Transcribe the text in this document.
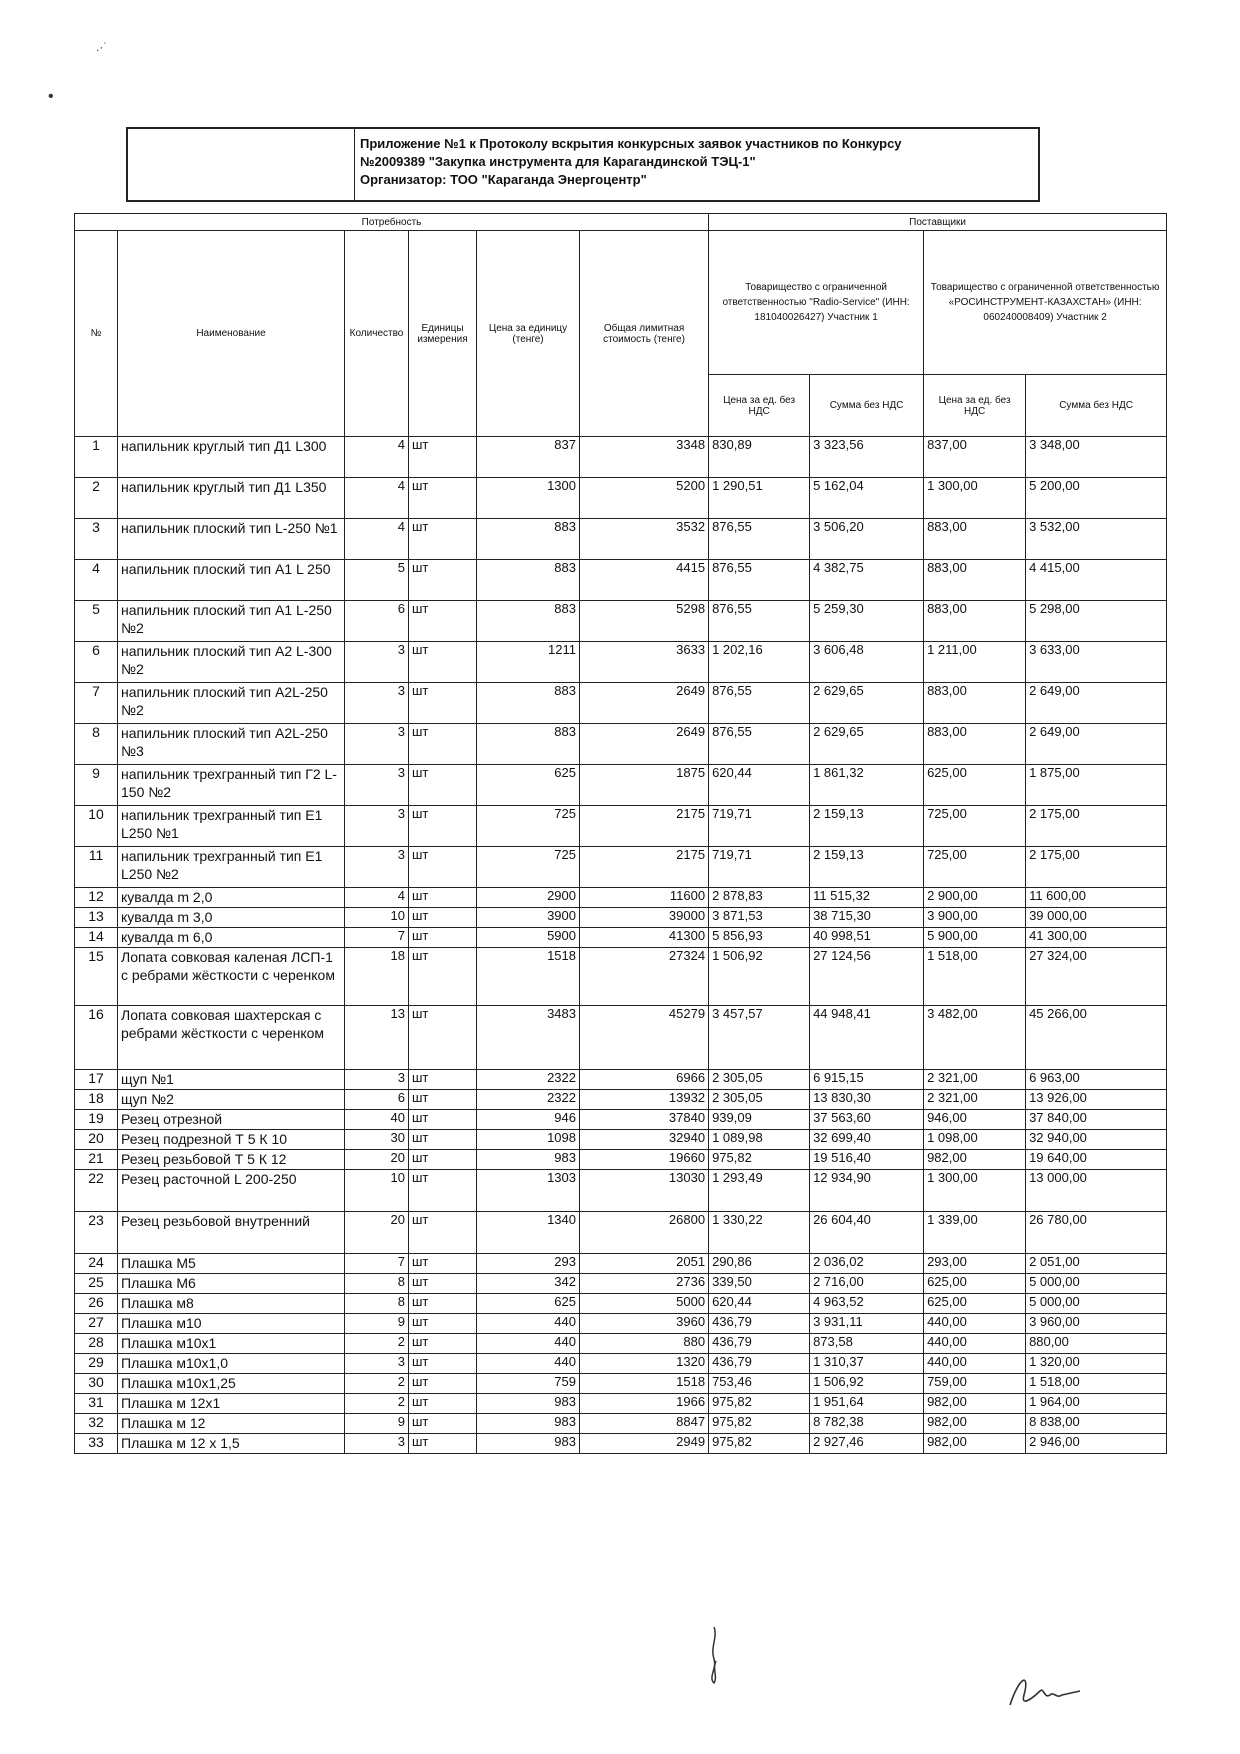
.·˙
•
Приложение №1 к Протоколу вскрытия конкурсных заявок участников по Конкурсу
№2009389 "Закупка инструмента для Карагандинской ТЭЦ-1"
Организатор: ТОО "Караганда Энергоцентр"
Потребность						Поставщики			
№	Наименование	Количество	Единицы измерения	Цена за единицу (тенге)	Общая лимитная стоимость (тенге)	Товарищество с ограниченной ответственностью "Radio-Service" (ИНН: 181040026427) Участник 1		Товарищество с ограниченной ответственностью «РОСИНСТРУМЕНТ-КАЗАХСТАН» (ИНН: 060240008409) Участник 2	
						Цена за ед. без НДС	Сумма без НДС	Цена за ед. без НДС	Сумма без НДС
1	напильник круглый тип Д1 L300	4	шт	837	3348	830,89	3 323,56	837,00	3 348,00
2	напильник круглый тип Д1 L350	4	шт	1300	5200	1 290,51	5 162,04	1 300,00	5 200,00
3	напильник плоский тип L-250 №1	4	шт	883	3532	876,55	3 506,20	883,00	3 532,00
4	напильник плоский тип А1 L 250	5	шт	883	4415	876,55	4 382,75	883,00	4 415,00
5	напильник плоский тип А1 L-250 №2	6	шт	883	5298	876,55	5 259,30	883,00	5 298,00
6	напильник плоский тип А2 L-300 №2	3	шт	1211	3633	1 202,16	3 606,48	1 211,00	3 633,00
7	напильник плоский тип А2L-250 №2	3	шт	883	2649	876,55	2 629,65	883,00	2 649,00
8	напильник плоский тип А2L-250 №3	3	шт	883	2649	876,55	2 629,65	883,00	2 649,00
9	напильник трехгранный тип Г2 L-150 №2	3	шт	625	1875	620,44	1 861,32	625,00	1 875,00
10	напильник трехгранный тип Е1 L250 №1	3	шт	725	2175	719,71	2 159,13	725,00	2 175,00
11	напильник трехгранный тип Е1 L250 №2	3	шт	725	2175	719,71	2 159,13	725,00	2 175,00
12	кувалда m 2,0	4	шт	2900	11600	2 878,83	11 515,32	2 900,00	11 600,00
13	кувалда m 3,0	10	шт	3900	39000	3 871,53	38 715,30	3 900,00	39 000,00
14	кувалда m 6,0	7	шт	5900	41300	5 856,93	40 998,51	5 900,00	41 300,00
15	Лопата совковая каленая ЛСП-1 с ребрами жёсткости с черенком	18	шт	1518	27324	1 506,92	27 124,56	1 518,00	27 324,00
16	Лопата совковая шахтерская с ребрами жёсткости с черенком	13	шт	3483	45279	3 457,57	44 948,41	3 482,00	45 266,00
17	щуп №1	3	шт	2322	6966	2 305,05	6 915,15	2 321,00	6 963,00
18	щуп №2	6	шт	2322	13932	2 305,05	13 830,30	2 321,00	13 926,00
19	Резец отрезной	40	шт	946	37840	939,09	37 563,60	946,00	37 840,00
20	Резец подрезной Т 5 К 10	30	шт	1098	32940	1 089,98	32 699,40	1 098,00	32 940,00
21	Резец резьбовой Т 5 К 12	20	шт	983	19660	975,82	19 516,40	982,00	19 640,00
22	Резец расточной L 200-250	10	шт	1303	13030	1 293,49	12 934,90	1 300,00	13 000,00
23	Резец резьбовой внутренний	20	шт	1340	26800	1 330,22	26 604,40	1 339,00	26 780,00
24	Плашка М5	7	шт	293	2051	290,86	2 036,02	293,00	2 051,00
25	Плашка М6	8	шт	342	2736	339,50	2 716,00	625,00	5 000,00
26	Плашка м8	8	шт	625	5000	620,44	4 963,52	625,00	5 000,00
27	Плашка м10	9	шт	440	3960	436,79	3 931,11	440,00	3 960,00
28	Плашка м10х1	2	шт	440	880	436,79	873,58	440,00	880,00
29	Плашка м10х1,0	3	шт	440	1320	436,79	1 310,37	440,00	1 320,00
30	Плашка м10х1,25	2	шт	759	1518	753,46	1 506,92	759,00	1 518,00
31	Плашка м 12х1	2	шт	983	1966	975,82	1 951,64	982,00	1 964,00
32	Плашка м 12	9	шт	983	8847	975,82	8 782,38	982,00	8 838,00
33	Плашка м 12 х 1,5	3	шт	983	2949	975,82	2 927,46	982,00	2 946,00
